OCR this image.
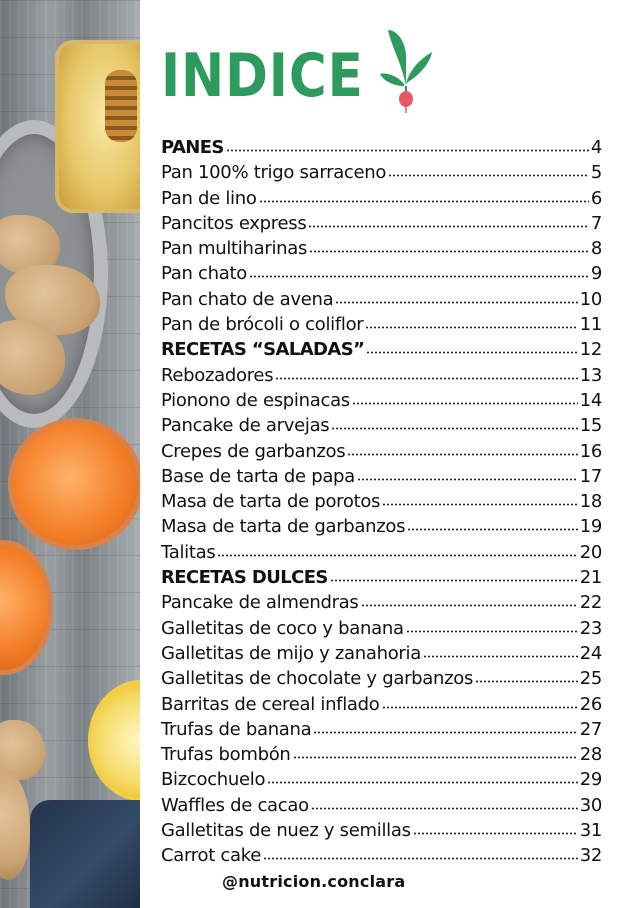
INDICE
PANES	4
Pan 100% trigo sarraceno	5
Pan de lino	6
Pancitos express	7
Pan multiharinas	8
Pan chato	9
Pan chato de avena	10
Pan de brócoli o coliflor	11
RECETAS “SALADAS”	12
Rebozadores	13
Pionono de espinacas	14
Pancake de arvejas	15
Crepes de garbanzos	16
Base de tarta de papa	17
Masa de tarta de porotos	18
Masa de tarta de garbanzos	19
Talitas	20
RECETAS DULCES	21
Pancake de almendras	22
Galletitas de coco y banana	23
Galletitas de mijo y zanahoria	24
Galletitas de chocolate y garbanzos	25
Barritas de cereal inflado	26
Trufas de banana	27
Trufas bombón	28
Bizcochuelo	29
Waffles de cacao	30
Galletitas de nuez y semillas	31
Carrot cake	32
@nutricion.conclara
